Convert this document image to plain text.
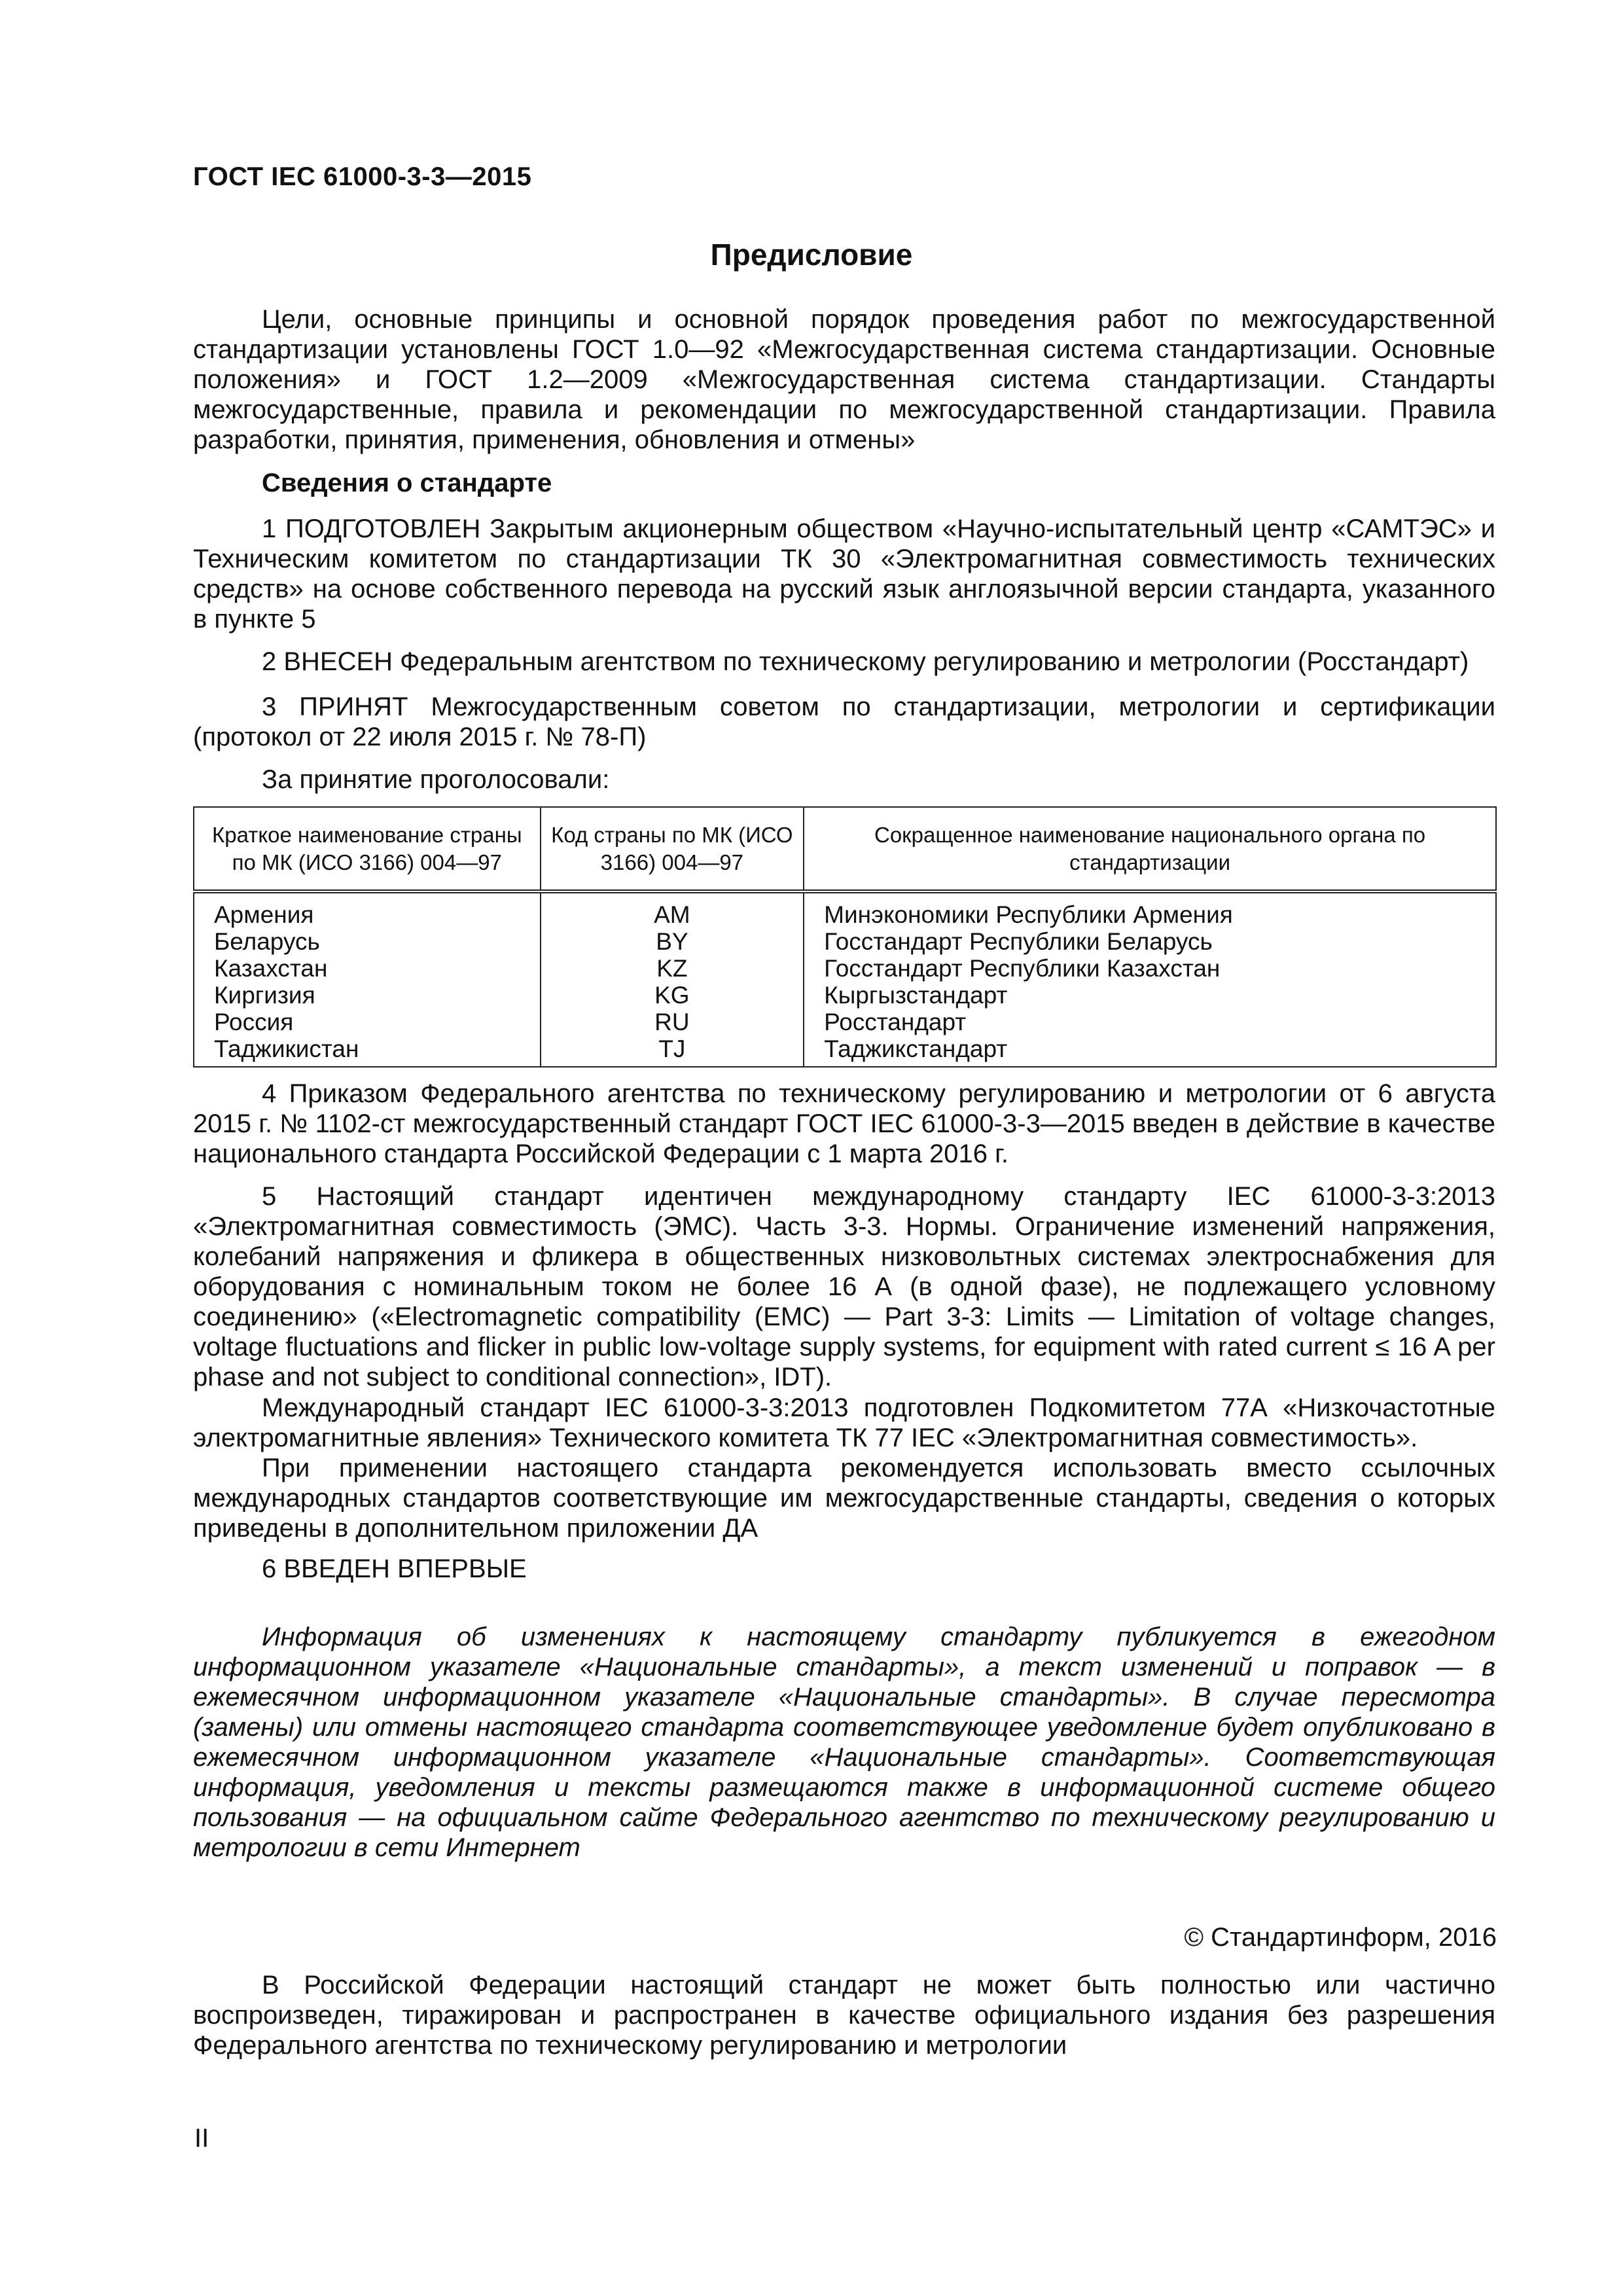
ГОСТ IEC 61000-3-3—2015
Предисловие
Цели, основные принципы и основной порядок проведения работ по межгосударственной стандартизации установлены ГОСТ 1.0—92 «Межгосударственная система стандартизации. Основные положения» и ГОСТ 1.2—2009 «Межгосударственная система стандартизации. Стандарты межгосударственные, правила и рекомендации по межгосударственной стандартизации. Правила разработки, принятия, применения, обновления и отмены»
Сведения о стандарте
1 ПОДГОТОВЛЕН Закрытым акционерным обществом «Научно-испытательный центр «САМТЭС» и Техническим комитетом по стандартизации ТК 30 «Электромагнитная совместимость технических средств» на основе собственного перевода на русский язык англоязычной версии стандарта, указанного в пункте 5
2 ВНЕСЕН Федеральным агентством по техническому регулированию и метрологии (Росстандарт)
3 ПРИНЯТ Межгосударственным советом по стандартизации, метрологии и сертификации (протокол от 22 июля 2015 г. № 78-П)
За принятие проголосовали:
Краткое наименование страны по МК (ИСО 3166) 004—97	Код страны по МК (ИСО 3166) 004—97	Сокращенное наименование национального органа по стандартизации
Армения	AM	Минэкономики Республики Армения
Беларусь	BY	Госстандарт Республики Беларусь
Казахстан	KZ	Госстандарт Республики Казахстан
Киргизия	KG	Кыргызстандарт
Россия	RU	Росстандарт
Таджикистан	TJ	Таджикстандарт
4 Приказом Федерального агентства по техническому регулированию и метрологии от 6 августа 2015 г. № 1102-ст межгосударственный стандарт ГОСТ IEC 61000-3-3—2015 введен в действие в качестве национального стандарта Российской Федерации с 1 марта 2016 г.
5 Настоящий стандарт идентичен международному стандарту IEC 61000-3-3:2013 «Электромагнитная совместимость (ЭМС). Часть 3-3. Нормы. Ограничение изменений напряжения, колебаний напряжения и фликера в общественных низковольтных системах электроснабжения для оборудования с номинальным током не более 16 А (в одной фазе), не подлежащего условному соединению» («Electromagnetic compatibility (EMC) — Part 3-3: Limits — Limitation of voltage changes, voltage fluctuations and flicker in public low-voltage supply systems, for equipment with rated current ≤ 16 A per phase and not subject to conditional connection», IDT).
Международный стандарт IEC 61000-3-3:2013 подготовлен Подкомитетом 77А «Низкочастотные электромагнитные явления» Технического комитета ТК 77 IEC «Электромагнитная совместимость».
При применении настоящего стандарта рекомендуется использовать вместо ссылочных международных стандартов соответствующие им межгосударственные стандарты, сведения о которых приведены в дополнительном приложении ДА
6 ВВЕДЕН ВПЕРВЫЕ
Информация об изменениях к настоящему стандарту публикуется в ежегодном информационном указателе «Национальные стандарты», а текст изменений и поправок — в ежемесячном информационном указателе «Национальные стандарты». В случае пересмотра (замены) или отмены настоящего стандарта соответствующее уведомление будет опубликовано в ежемесячном информационном указателе «Национальные стандарты». Соответствующая информация, уведомления и тексты размещаются также в информационной системе общего пользования — на официальном сайте Федерального агентство по техническому регулированию и метрологии в сети Интернет
© Стандартинформ, 2016
В Российской Федерации настоящий стандарт не может быть полностью или частично воспроизведен, тиражирован и распространен в качестве официального издания без разрешения Федерального агентства по техническому регулированию и метрологии
II
